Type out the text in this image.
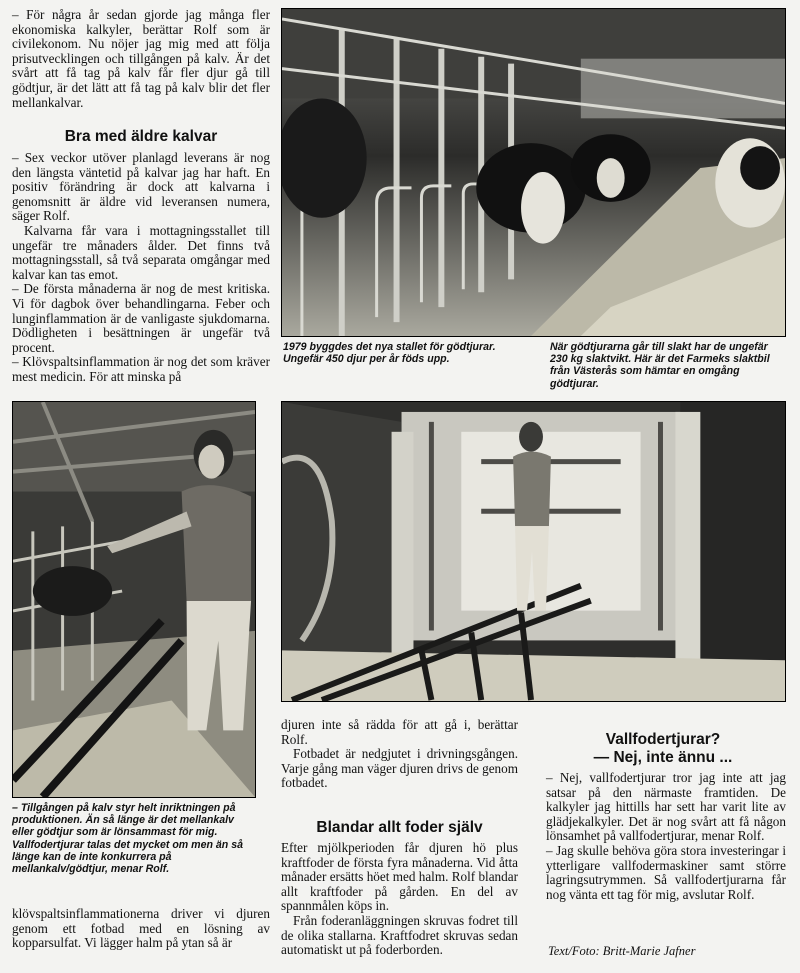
– För några år sedan gjorde jag många fler ekonomiska kalkyler, berättar Rolf som är civilekonom. Nu nöjer jag mig med att följa prisutvecklingen och tillgången på kalv. Är det svårt att få tag på kalv får fler djur gå till gödtjur, är det lätt att få tag på kalv blir det fler mellankalvar.

Bra med äldre kalvar

– Sex veckor utöver planlagd leverans är nog den längsta väntetid på kalvar jag har haft. En positiv förändring är dock att kalvarna i genomsnitt är äldre vid leveransen numera, säger Rolf.

Kalvarna får vara i mottagningsstallet till ungefär tre månaders ålder. Det finns två mottagningsstall, så två separata omgångar med kalvar kan tas emot.

– De första månaderna är nog de mest kritiska. Vi för dagbok över behandlingarna. Feber och lunginflammation är de vanligaste sjukdomarna. Dödligheten i besättningen är ungefär två procent.

– Klövspaltsinflammation är nog det som kräver mest medicin. För att minska på

1979 byggdes det nya stallet för gödtjurar. Ungefär 450 djur per år föds upp.
När gödtjurarna går till slakt har de ungefär 230 kg slaktvikt. Här är det Farmeks slaktbil från Västerås som hämtar en omgång gödtjurar.
– Tillgången på kalv styr helt inriktningen på produktionen. Än så länge är det mellankalv eller gödtjur som är lönsammast för mig. Vallfodertjurar talas det mycket om men än så länge kan de inte konkurrera på mellankalv/gödtjur, menar Rolf.

klövspaltsinflammationerna driver vi djuren genom ett fotbad med en lösning av kopparsulfat. Vi lägger halm på ytan så är

djuren inte så rädda för att gå i, berättar Rolf.

Fotbadet är nedgjutet i drivningsgången. Varje gång man väger djuren drivs de genom fotbadet.

Blandar allt foder själv

Efter mjölkperioden får djuren hö plus kraftfoder de första fyra månaderna. Vid åtta månader ersätts höet med halm. Rolf blandar allt kraftfoder på gården. En del av spannmålen köps in.

Från foderanläggningen skruvas fodret till de olika stallarna. Kraftfodret skruvas sedan automatiskt ut på foderborden.

Vallfodertjurar?
— Nej, inte ännu ...

– Nej, vallfodertjurar tror jag inte att jag satsar på den närmaste framtiden. De kalkyler jag hittills har sett har varit lite av glädjekalkyler. Det är nog svårt att få någon lönsamhet på vallfodertjurar, menar Rolf.

– Jag skulle behöva göra stora investeringar i ytterligare vallfodermaskiner samt större lagringsutrymmen. Så vallfodertjurarna får nog vänta ett tag för mig, avslutar Rolf.

Text/Foto: Britt-Marie Jafner
